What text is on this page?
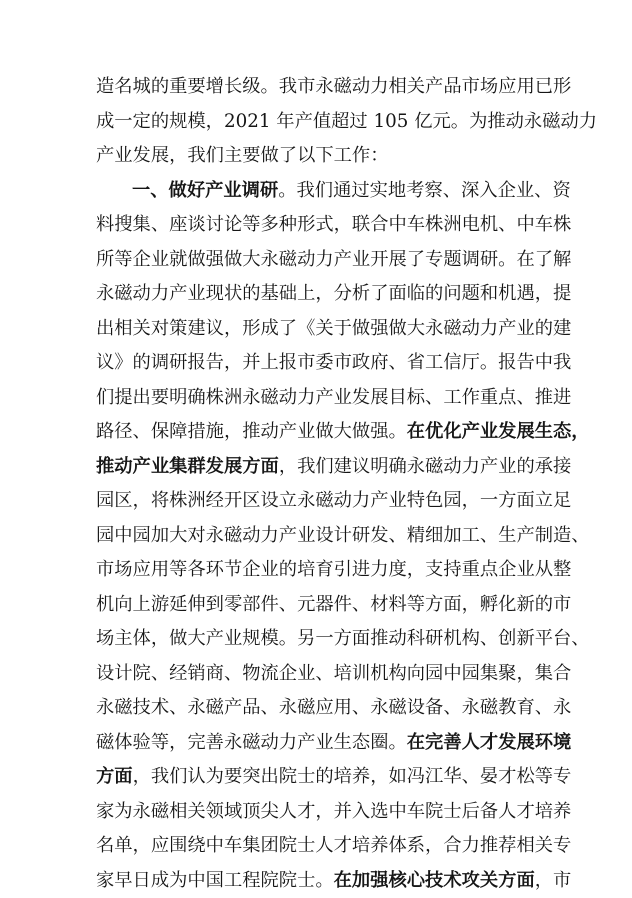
造名城的重要增长级。我市永磁动力相关产品市场应用已形
成一定的规模，2021 年产值超过 105 亿元。为推动永磁动力
产业发展，我们主要做了以下工作：
一、做好产业调研。我们通过实地考察、深入企业、资
料搜集、座谈讨论等多种形式，联合中车株洲电机、中车株
所等企业就做强做大永磁动力产业开展了专题调研。在了解
永磁动力产业现状的基础上，分析了面临的问题和机遇，提
出相关对策建议，形成了《关于做强做大永磁动力产业的建
议》的调研报告，并上报市委市政府、省工信厅。报告中我
们提出要明确株洲永磁动力产业发展目标、工作重点、推进
路径、保障措施，推动产业做大做强。在优化产业发展生态，
推动产业集群发展方面，我们建议明确永磁动力产业的承接
园区，将株洲经开区设立永磁动力产业特色园，一方面立足
园中园加大对永磁动力产业设计研发、精细加工、生产制造、
市场应用等各环节企业的培育引进力度，支持重点企业从整
机向上游延伸到零部件、元器件、材料等方面，孵化新的市
场主体，做大产业规模。另一方面推动科研机构、创新平台、
设计院、经销商、物流企业、培训机构向园中园集聚，集合
永磁技术、永磁产品、永磁应用、永磁设备、永磁教育、永
磁体验等，完善永磁动力产业生态圈。在完善人才发展环境
方面，我们认为要突出院士的培养，如冯江华、晏才松等专
家为永磁相关领域顶尖人才，并入选中车院士后备人才培养
名单，应围绕中车集团院士人才培养体系，合力推荐相关专
家早日成为中国工程院院士。在加强核心技术攻关方面，市
